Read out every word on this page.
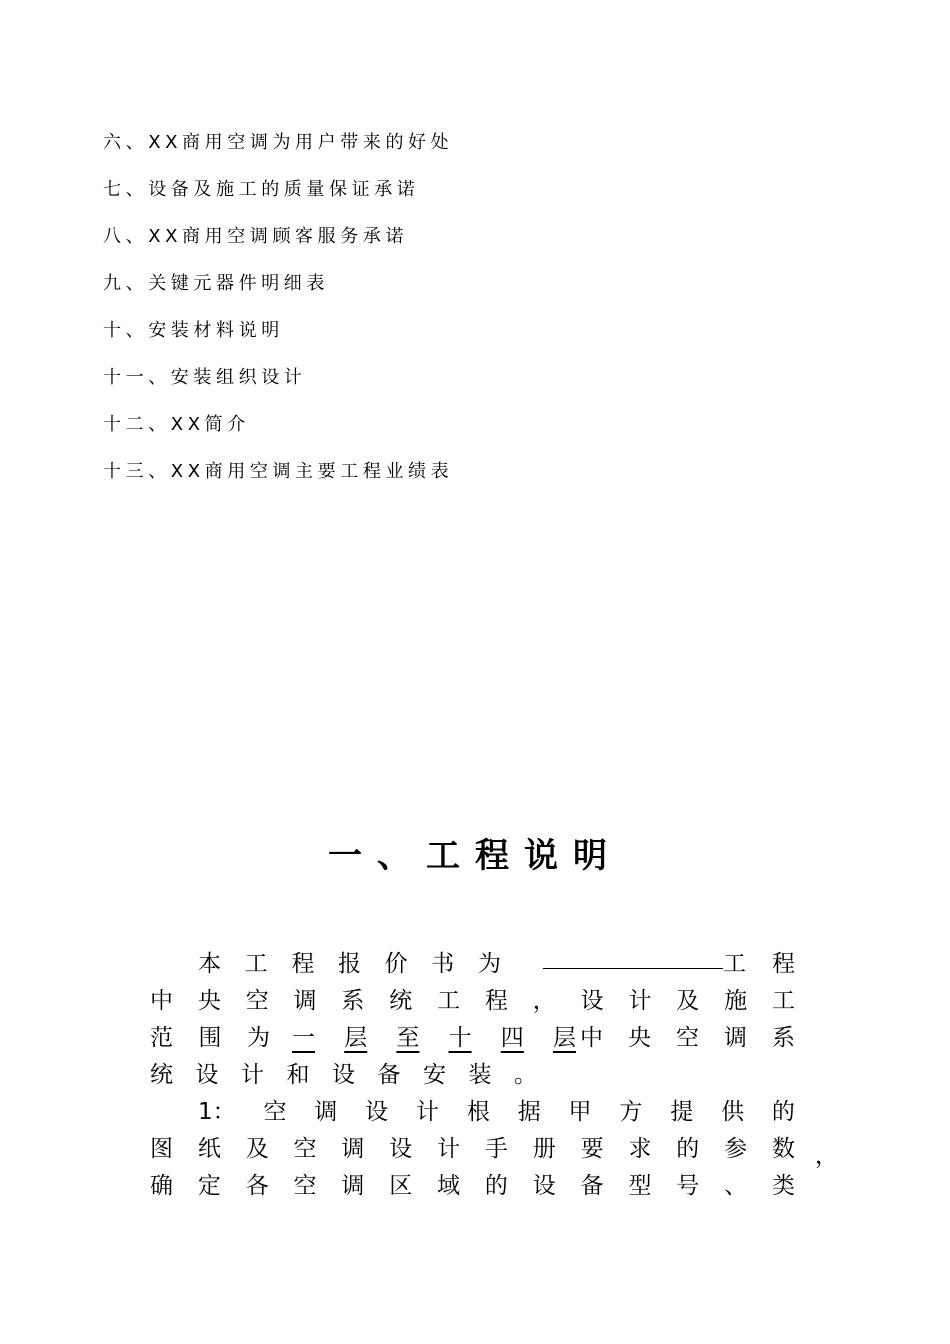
六、XX商用空调为用户带来的好处
七、设备及施工的质量保证承诺
八、XX商用空调顾客服务承诺
九、关键元器件明细表
十、安装材料说明
十一、安装组织设计
十二、XX简介
十三、XX商用空调主要工程业绩表
一、工程说明
本 工 程 报 价 书 为	工 程
中 央 空 调 系 统 工 程 ， 设 计 及 施 工
范 围 为 一 层 至 十 四 层 中 央 空 调 系
统 设 计 和 设 备 安 装 。
1： 空 调 设 计 根 据 甲 方 提 供 的
图 纸 及 空 调 设 计 手 册 要 求 的 参 数
确 定 各 空 调 区 域 的 设 备 型 号 、 类
，
